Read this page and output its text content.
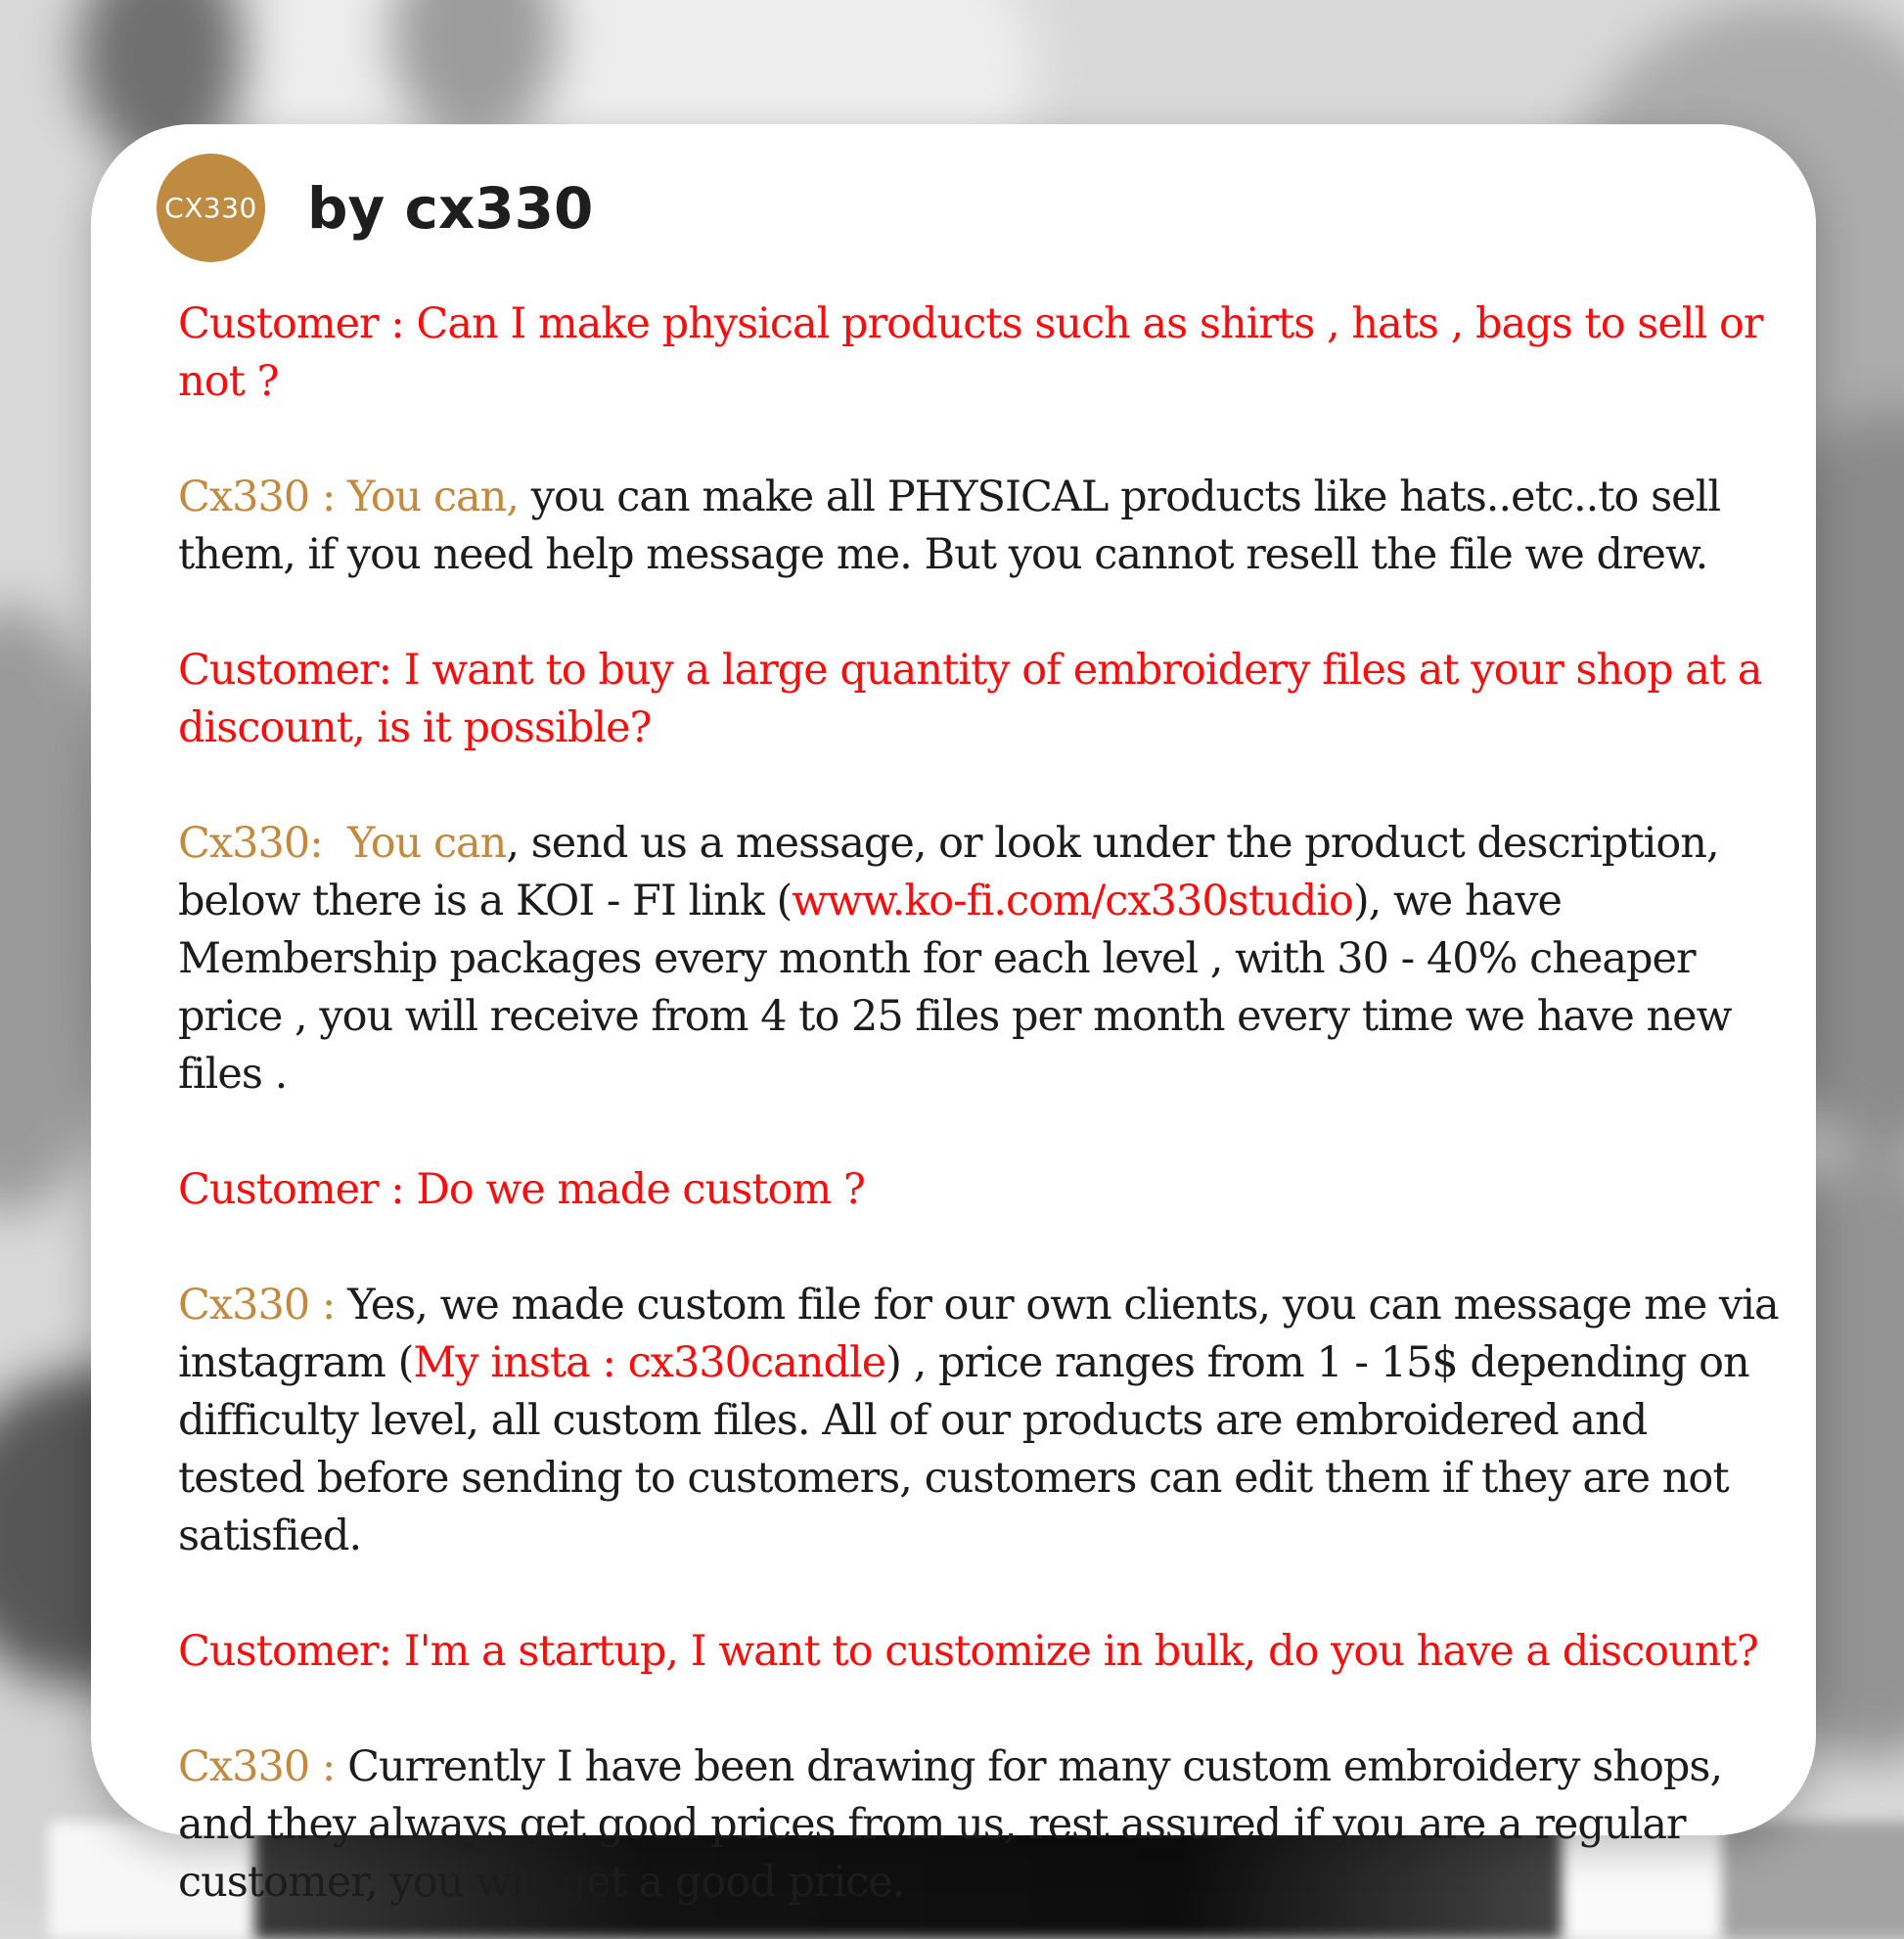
CX330 by cx330

Customer : Can I make physical products such as shirts , hats , bags to sell or not ?

Cx330 : You can, you can make all PHYSICAL products like hats..etc..to sell them, if you need help message me. But you cannot resell the file we drew.

Customer: I want to buy a large quantity of embroidery files at your shop at a discount, is it possible?

Cx330:  You can, send us a message, or look under the product description, below there is a KOI - FI link (www.ko-fi.com/cx330studio), we have Membership packages every month for each level , with 30 - 40% cheaper price , you will receive from 4 to 25 files per month every time we have new files .

Customer : Do we made custom ?

Cx330 : Yes, we made custom file for our own clients, you can message me via instagram (My insta : cx330candle) , price ranges from 1 - 15$ depending on difficulty level, all custom files. All of our products are embroidered and tested before sending to customers, customers can edit them if they are not satisfied.

Customer: I'm a startup, I want to customize in bulk, do you have a discount?

Cx330 : Currently I have been drawing for many custom embroidery shops, and they always get good prices from us, rest assured if you are a regular customer, you will get a good price.
